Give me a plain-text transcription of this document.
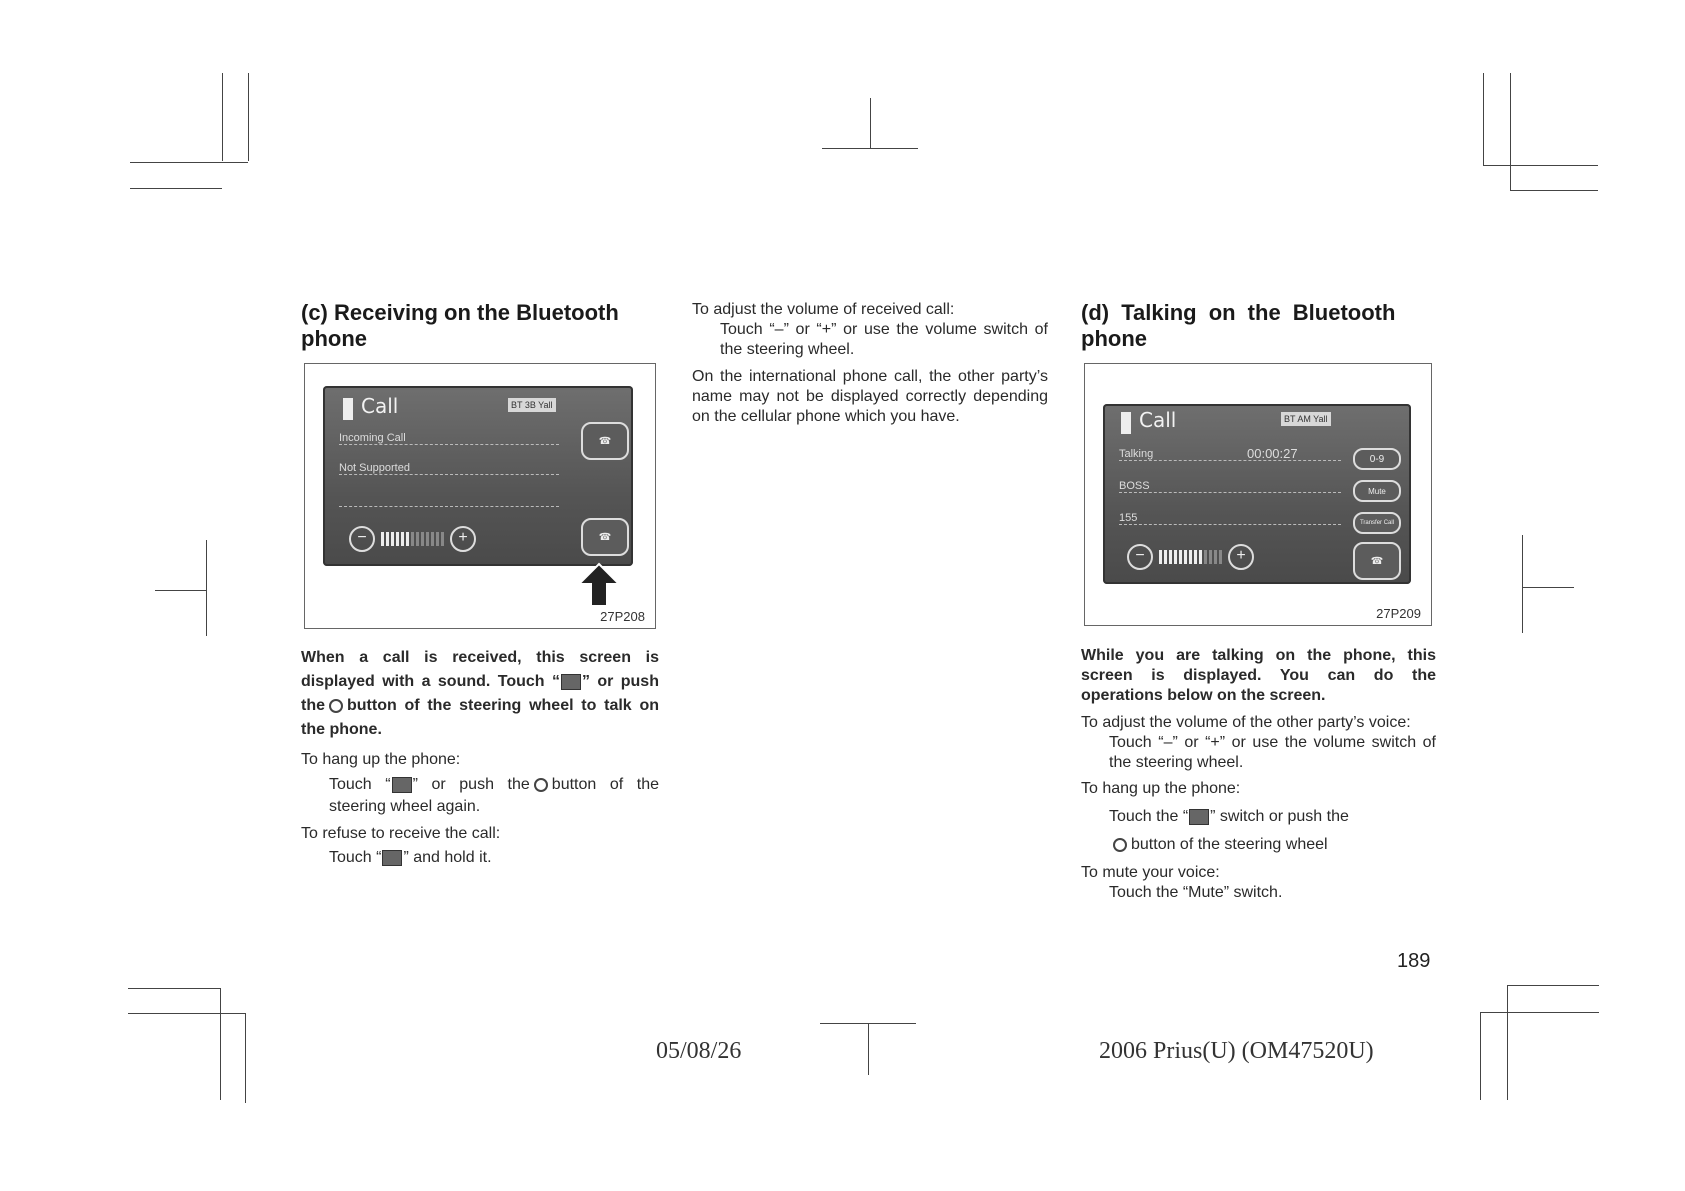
(c) Receiving on the Bluetooth
phone
Call	BT 3B Yall
Incoming Call
Not Supported
☎
☎
−	+
27P208
When a call is received, this screen is displayed with a sound. Touch “ ” or push the button of the steering wheel to talk on the phone.

To hang up the phone:

Touch “ ” or push the button of the steering wheel again.

To refuse to receive the call:

Touch “ ” and hold it.

To adjust the volume of received call:

Touch “–” or “+” or use the volume switch of the steering wheel.

On the international phone call, the other party’s name may not be displayed correctly depending on the cellular phone which you have.

(d) Talking on the Bluetooth
phone
Call	BT AM Yall
Talking	00:00:27
BOSS
155
0-9
Mute
Transfer Call
☎
−	+
27P209
While you are talking on the phone, this screen is displayed. You can do the operations below on the screen.

To adjust the volume of the other party’s voice:

Touch “–” or “+” or use the volume switch of the steering wheel.

To hang up the phone:

Touch the “ ” switch or push the
button of the steering wheel

To mute your voice:

Touch the “Mute” switch.

189
05/08/26	2006 Prius(U) (OM47520U)
